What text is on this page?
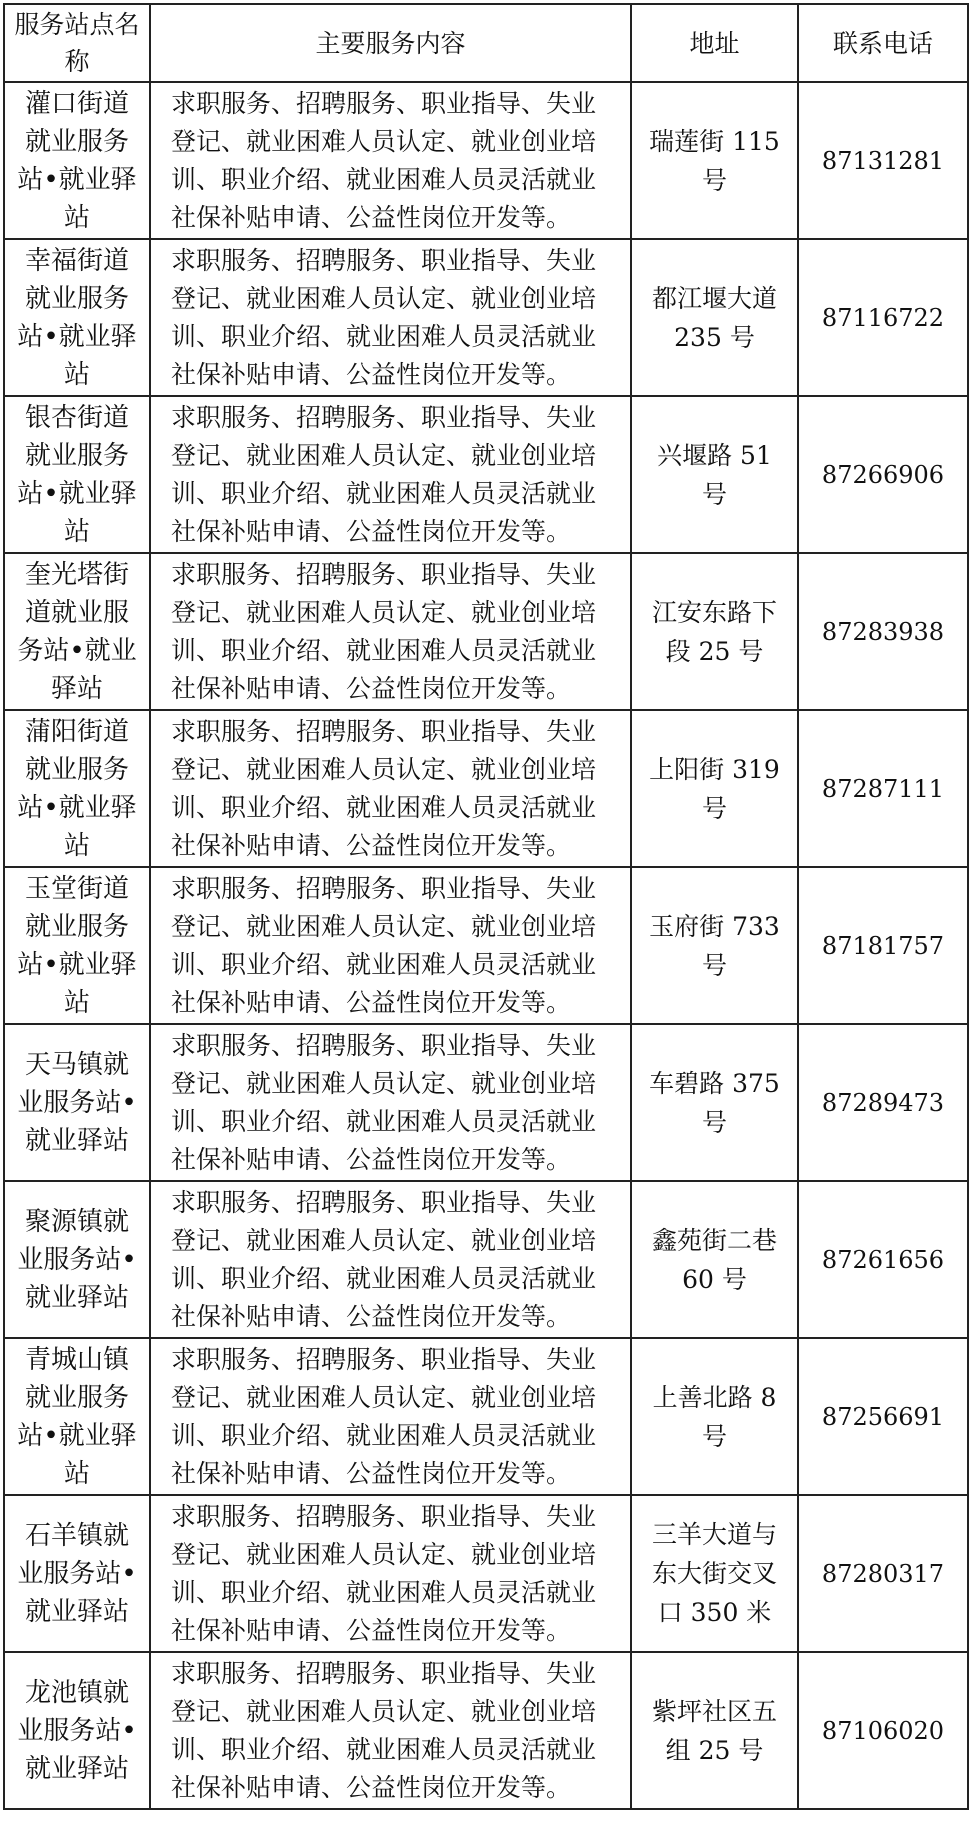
服务站点名称	主要服务内容	地址	联系电话
灌口街道就业服务站•就业驿站	求职服务、招聘服务、职业指导、失业登记、就业困难人员认定、就业创业培训、职业介绍、就业困难人员灵活就业社保补贴申请、公益性岗位开发等。	瑞莲街 115 号	87131281
幸福街道就业服务站•就业驿站	求职服务、招聘服务、职业指导、失业登记、就业困难人员认定、就业创业培训、职业介绍、就业困难人员灵活就业社保补贴申请、公益性岗位开发等。	都江堰大道 235 号	87116722
银杏街道就业服务站•就业驿站	求职服务、招聘服务、职业指导、失业登记、就业困难人员认定、就业创业培训、职业介绍、就业困难人员灵活就业社保补贴申请、公益性岗位开发等。	兴堰路 51 号	87266906
奎光塔街道就业服务站•就业驿站	求职服务、招聘服务、职业指导、失业登记、就业困难人员认定、就业创业培训、职业介绍、就业困难人员灵活就业社保补贴申请、公益性岗位开发等。	江安东路下段 25 号	87283938
蒲阳街道就业服务站•就业驿站	求职服务、招聘服务、职业指导、失业登记、就业困难人员认定、就业创业培训、职业介绍、就业困难人员灵活就业社保补贴申请、公益性岗位开发等。	上阳街 319 号	87287111
玉堂街道就业服务站•就业驿站	求职服务、招聘服务、职业指导、失业登记、就业困难人员认定、就业创业培训、职业介绍、就业困难人员灵活就业社保补贴申请、公益性岗位开发等。	玉府街 733 号	87181757
天马镇就业服务站•就业驿站	求职服务、招聘服务、职业指导、失业登记、就业困难人员认定、就业创业培训、职业介绍、就业困难人员灵活就业社保补贴申请、公益性岗位开发等。	车碧路 375 号	87289473
聚源镇就业服务站•就业驿站	求职服务、招聘服务、职业指导、失业登记、就业困难人员认定、就业创业培训、职业介绍、就业困难人员灵活就业社保补贴申请、公益性岗位开发等。	鑫苑街二巷 60 号	87261656
青城山镇就业服务站•就业驿站	求职服务、招聘服务、职业指导、失业登记、就业困难人员认定、就业创业培训、职业介绍、就业困难人员灵活就业社保补贴申请、公益性岗位开发等。	上善北路 8 号	87256691
石羊镇就业服务站•就业驿站	求职服务、招聘服务、职业指导、失业登记、就业困难人员认定、就业创业培训、职业介绍、就业困难人员灵活就业社保补贴申请、公益性岗位开发等。	三羊大道与东大街交叉口 350 米	87280317
龙池镇就业服务站•就业驿站	求职服务、招聘服务、职业指导、失业登记、就业困难人员认定、就业创业培训、职业介绍、就业困难人员灵活就业社保补贴申请、公益性岗位开发等。	紫坪社区五组 25 号	87106020
